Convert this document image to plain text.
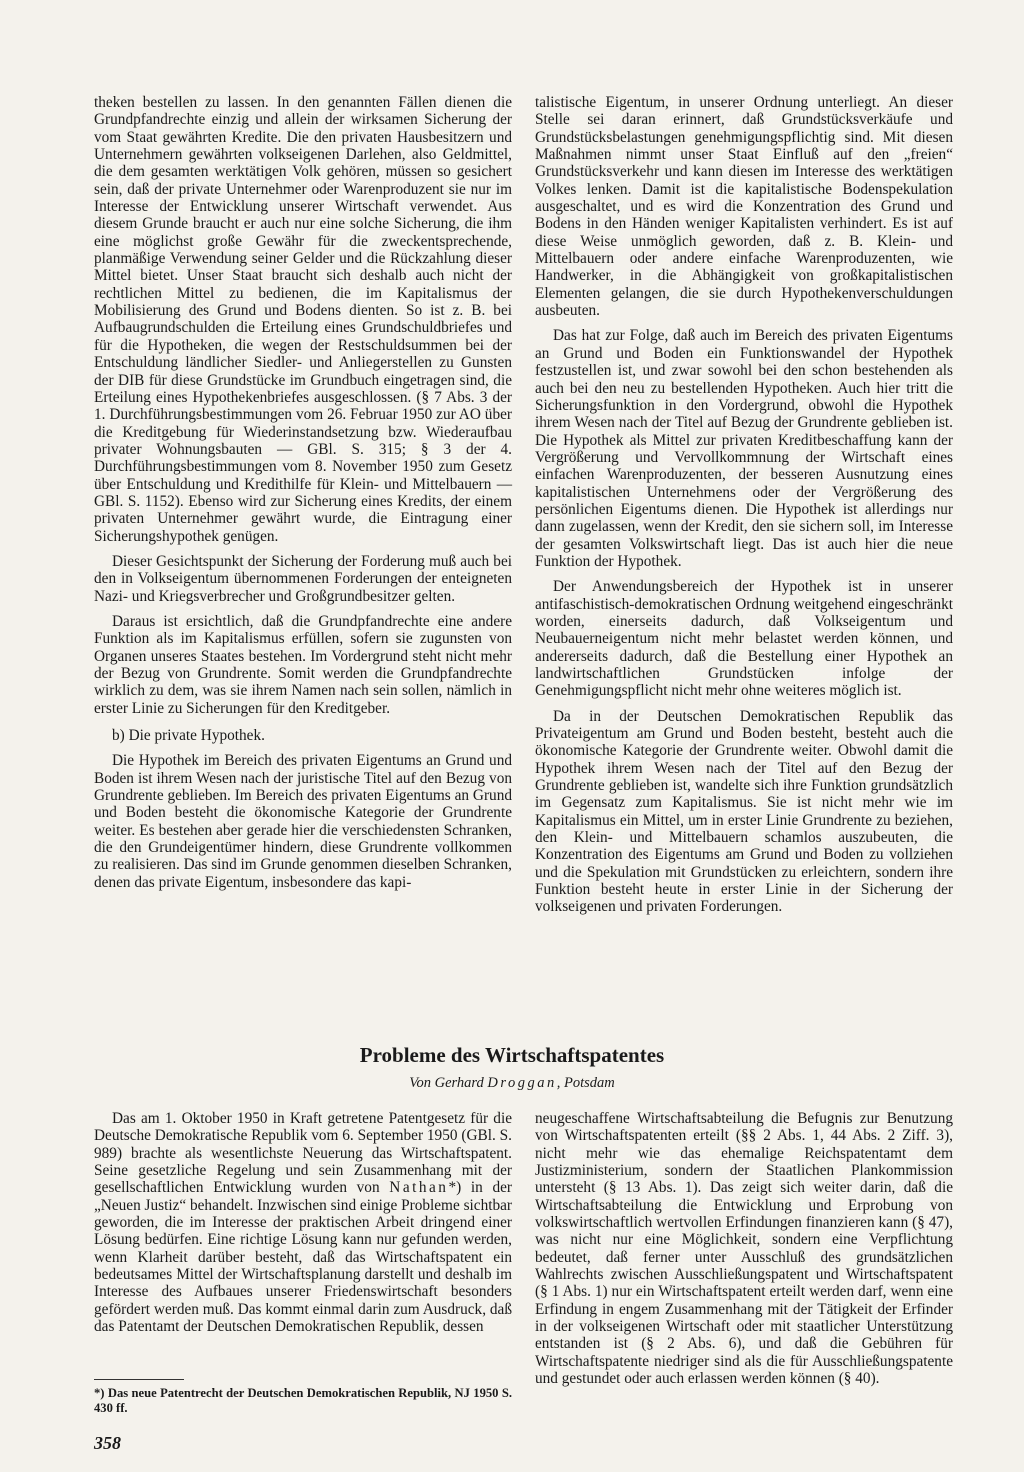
theken bestellen zu lassen. In den genannten Fällen dienen die Grundpfandrechte einzig und allein der wirksamen Sicherung der vom Staat gewährten Kredite. Die den privaten Hausbesitzern und Unternehmern gewährten volkseigenen Darlehen, also Geldmittel, die dem gesamten werktätigen Volk gehören, müssen so gesichert sein, daß der private Unternehmer oder Warenproduzent sie nur im Interesse der Entwicklung unserer Wirtschaft verwendet. Aus diesem Grunde braucht er auch nur eine solche Sicherung, die ihm eine möglichst große Gewähr für die zweckentsprechende, planmäßige Verwendung seiner Gelder und die Rückzahlung dieser Mittel bietet. Unser Staat braucht sich deshalb auch nicht der rechtlichen Mittel zu bedienen, die im Kapitalismus der Mobilisierung des Grund und Bodens dienten. So ist z. B. bei Aufbaugrundschulden die Erteilung eines Grundschuldbriefes und für die Hypotheken, die wegen der Restschuldsummen bei der Entschuldung ländlicher Siedler- und Anliegerstellen zu Gunsten der DIB für diese Grundstücke im Grundbuch eingetragen sind, die Erteilung eines Hypothekenbriefes ausgeschlossen. (§ 7 Abs. 3 der 1. Durchführungsbestimmungen vom 26. Februar 1950 zur AO über die Kreditgebung für Wiederinstandsetzung bzw. Wiederaufbau privater Wohnungsbauten — GBl. S. 315; § 3 der 4. Durchführungsbestimmungen vom 8. November 1950 zum Gesetz über Entschuldung und Kredithilfe für Klein- und Mittelbauern — GBl. S. 1152). Ebenso wird zur Sicherung eines Kredits, der einem privaten Unternehmer gewährt wurde, die Eintragung einer Sicherungshypothek genügen.

Dieser Gesichtspunkt der Sicherung der Forderung muß auch bei den in Volkseigentum übernommenen Forderungen der enteigneten Nazi- und Kriegsverbrecher und Großgrundbesitzer gelten.

Daraus ist ersichtlich, daß die Grundpfandrechte eine andere Funktion als im Kapitalismus erfüllen, sofern sie zugunsten von Organen unseres Staates bestehen. Im Vordergrund steht nicht mehr der Bezug von Grundrente. Somit werden die Grundpfandrechte wirklich zu dem, was sie ihrem Namen nach sein sollen, nämlich in erster Linie zu Sicherungen für den Kreditgeber.

b) Die private Hypothek.

Die Hypothek im Bereich des privaten Eigentums an Grund und Boden ist ihrem Wesen nach der juristische Titel auf den Bezug von Grundrente geblieben. Im Bereich des privaten Eigentums an Grund und Boden besteht die ökonomische Kategorie der Grundrente weiter. Es bestehen aber gerade hier die verschiedensten Schranken, die den Grundeigentümer hindern, diese Grundrente vollkommen zu realisieren. Das sind im Grunde genommen dieselben Schranken, denen das private Eigentum, insbesondere das kapi-

talistische Eigentum, in unserer Ordnung unterliegt. An dieser Stelle sei daran erinnert, daß Grundstücksverkäufe und Grundstücksbelastungen genehmigungspflichtig sind. Mit diesen Maßnahmen nimmt unser Staat Einfluß auf den „freien“ Grundstücksverkehr und kann diesen im Interesse des werktätigen Volkes lenken. Damit ist die kapitalistische Bodenspekulation ausgeschaltet, und es wird die Konzentration des Grund und Bodens in den Händen weniger Kapitalisten verhindert. Es ist auf diese Weise unmöglich geworden, daß z. B. Klein- und Mittelbauern oder andere einfache Warenproduzenten, wie Handwerker, in die Abhängigkeit von großkapitalistischen Elementen gelangen, die sie durch Hypothekenverschuldungen ausbeuten.

Das hat zur Folge, daß auch im Bereich des privaten Eigentums an Grund und Boden ein Funktionswandel der Hypothek festzustellen ist, und zwar sowohl bei den schon bestehenden als auch bei den neu zu bestellenden Hypotheken. Auch hier tritt die Sicherungsfunktion in den Vordergrund, obwohl die Hypothek ihrem Wesen nach der Titel auf Bezug der Grundrente geblieben ist. Die Hypothek als Mittel zur privaten Kreditbeschaffung kann der Vergrößerung und Vervollkommnung der Wirtschaft eines einfachen Warenproduzenten, der besseren Ausnutzung eines kapitalistischen Unternehmens oder der Vergrößerung des persönlichen Eigentums dienen. Die Hypothek ist allerdings nur dann zugelassen, wenn der Kredit, den sie sichern soll, im Interesse der gesamten Volkswirtschaft liegt. Das ist auch hier die neue Funktion der Hypothek.

Der Anwendungsbereich der Hypothek ist in unserer antifaschistisch-demokratischen Ordnung weitgehend eingeschränkt worden, einerseits dadurch, daß Volkseigentum und Neubauerneigentum nicht mehr belastet werden können, und andererseits dadurch, daß die Bestellung einer Hypothek an landwirtschaftlichen Grundstücken infolge der Genehmigungspflicht nicht mehr ohne weiteres möglich ist.

Da in der Deutschen Demokratischen Republik das Privateigentum am Grund und Boden besteht, besteht auch die ökonomische Kategorie der Grundrente weiter. Obwohl damit die Hypothek ihrem Wesen nach der Titel auf den Bezug der Grundrente geblieben ist, wandelte sich ihre Funktion grundsätzlich im Gegensatz zum Kapitalismus. Sie ist nicht mehr wie im Kapitalismus ein Mittel, um in erster Linie Grundrente zu beziehen, den Klein- und Mittelbauern schamlos auszubeuten, die Konzentration des Eigentums am Grund und Boden zu vollziehen und die Spekulation mit Grundstücken zu erleichtern, sondern ihre Funktion besteht heute in erster Linie in der Sicherung der volkseigenen und privaten Forderungen.

Probleme des Wirtschaftspatentes
Von Gerhard Droggan, Potsdam

Das am 1. Oktober 1950 in Kraft getretene Patentgesetz für die Deutsche Demokratische Republik vom 6. September 1950 (GBl. S. 989) brachte als wesentlichste Neuerung das Wirtschaftspatent. Seine gesetzliche Regelung und sein Zusammenhang mit der gesellschaftlichen Entwicklung wurden von Nathan*) in der „Neuen Justiz“ behandelt. Inzwischen sind einige Probleme sichtbar geworden, die im Interesse der praktischen Arbeit dringend einer Lösung bedürfen. Eine richtige Lösung kann nur gefunden werden, wenn Klarheit darüber besteht, daß das Wirtschaftspatent ein bedeutsames Mittel der Wirtschaftsplanung darstellt und deshalb im Interesse des Aufbaues unserer Friedenswirtschaft besonders gefördert werden muß. Das kommt einmal darin zum Ausdruck, daß das Patentamt der Deutschen Demokratischen Republik, dessen

neugeschaffene Wirtschaftsabteilung die Befugnis zur Benutzung von Wirtschaftspatenten erteilt (§§ 2 Abs. 1, 44 Abs. 2 Ziff. 3), nicht mehr wie das ehemalige Reichspatentamt dem Justizministerium, sondern der Staatlichen Plankommission untersteht (§ 13 Abs. 1). Das zeigt sich weiter darin, daß die Wirtschaftsabteilung die Entwicklung und Erprobung von volkswirtschaftlich wertvollen Erfindungen finanzieren kann (§ 47), was nicht nur eine Möglichkeit, sondern eine Verpflichtung bedeutet, daß ferner unter Ausschluß des grundsätzlichen Wahlrechts zwischen Ausschließungspatent und Wirtschaftspatent (§ 1 Abs. 1) nur ein Wirtschaftspatent erteilt werden darf, wenn eine Erfindung in engem Zusammenhang mit der Tätigkeit der Erfinder in der volkseigenen Wirtschaft oder mit staatlicher Unterstützung entstanden ist (§ 2 Abs. 6), und daß die Gebühren für Wirtschaftspatente niedriger sind als die für Ausschließungspatente und gestundet oder auch erlassen werden können (§ 40).

*) Das neue Patentrecht der Deutschen Demokratischen Republik, NJ 1950 S. 430 ff.
358
